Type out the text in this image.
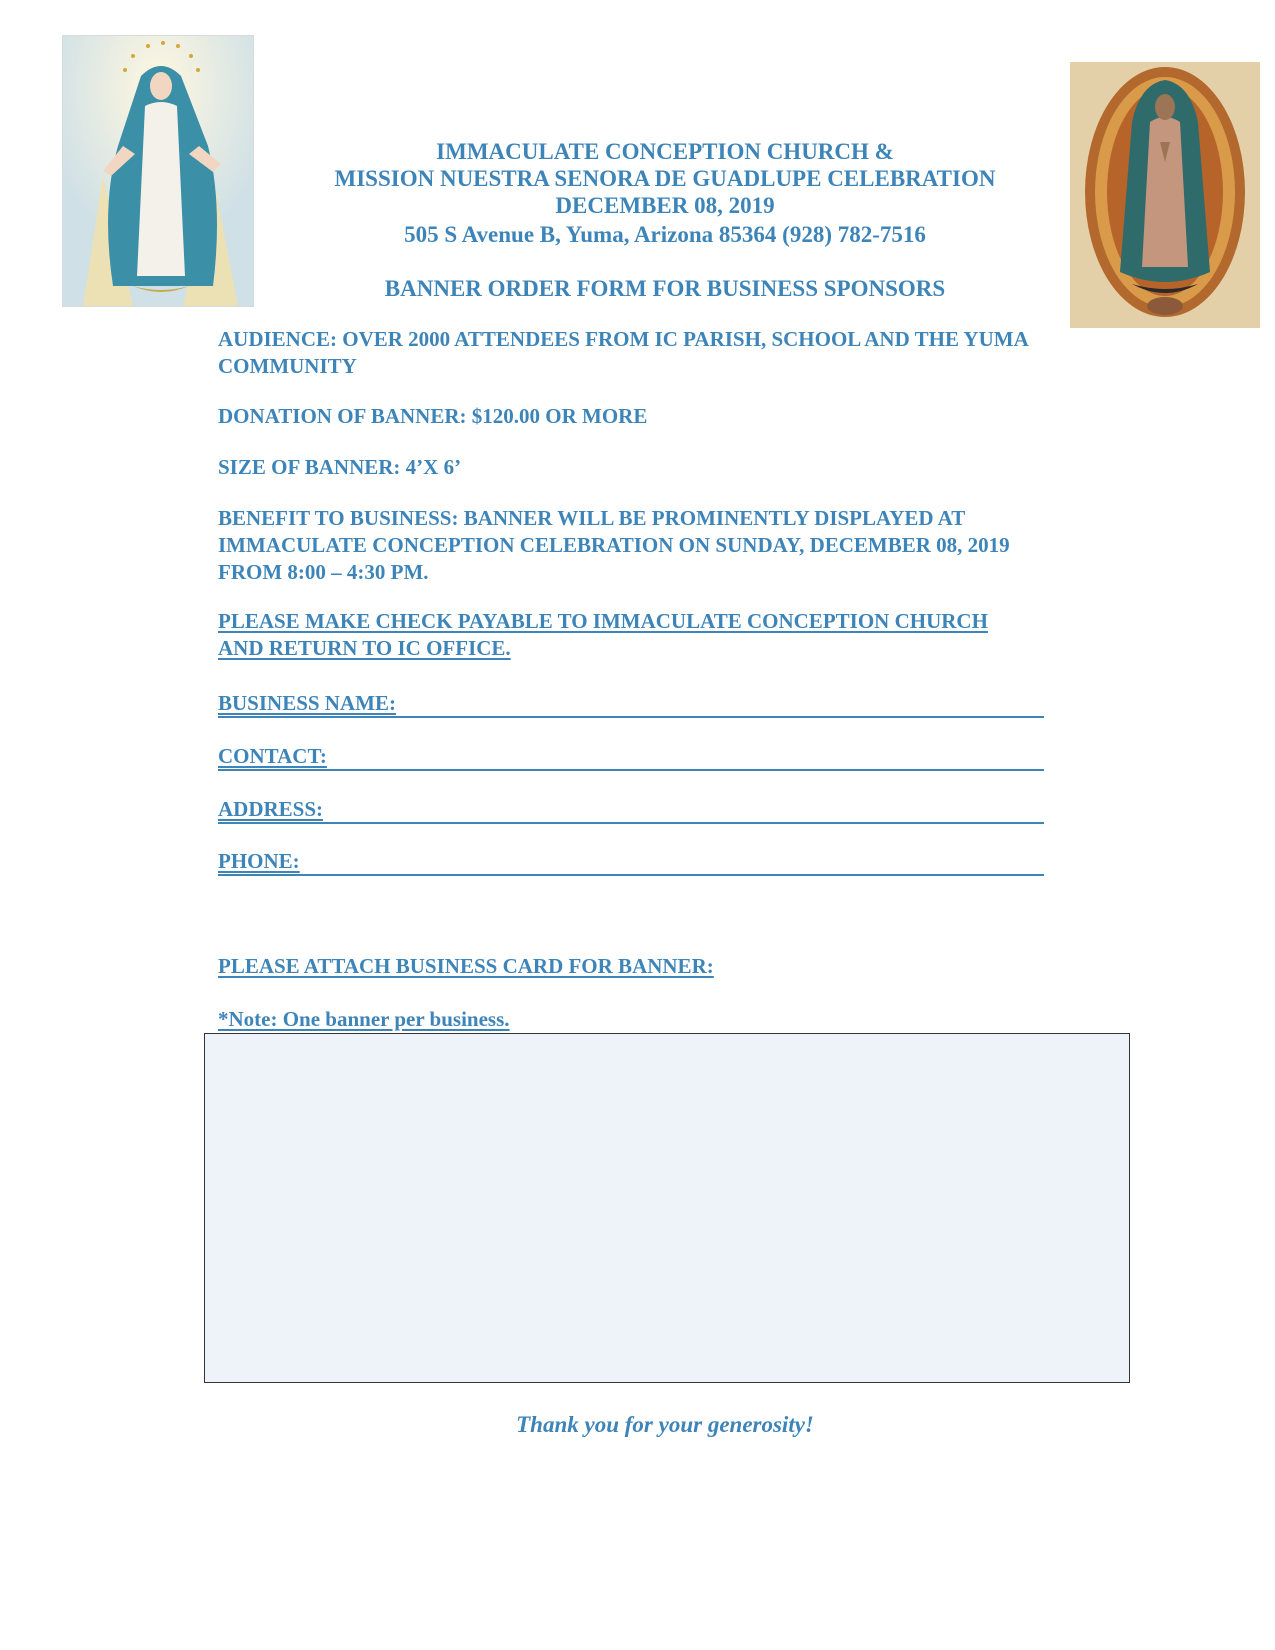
IMMACULATE CONCEPTION CHURCH &
MISSION NUESTRA SENORA DE GUADLUPE CELEBRATION
DECEMBER 08, 2019
505 S Avenue B, Yuma, Arizona 85364 (928) 782-7516
BANNER ORDER FORM FOR BUSINESS SPONSORS
AUDIENCE: OVER 2000 ATTENDEES FROM IC PARISH, SCHOOL AND THE YUMA
COMMUNITY
DONATION OF BANNER: $120.00 OR MORE
SIZE OF BANNER: 4’X 6’
BENEFIT TO BUSINESS: BANNER WILL BE PROMINENTLY DISPLAYED AT
IMMACULATE CONCEPTION CELEBRATION ON SUNDAY, DECEMBER 08, 2019
FROM 8:00 – 4:30 PM.
PLEASE MAKE CHECK PAYABLE TO IMMACULATE CONCEPTION CHURCH
AND RETURN TO IC OFFICE.
BUSINESS NAME:
CONTACT:
ADDRESS:
PHONE:
PLEASE ATTACH BUSINESS CARD FOR BANNER:
*Note: One banner per business.
Thank you for your generosity!
